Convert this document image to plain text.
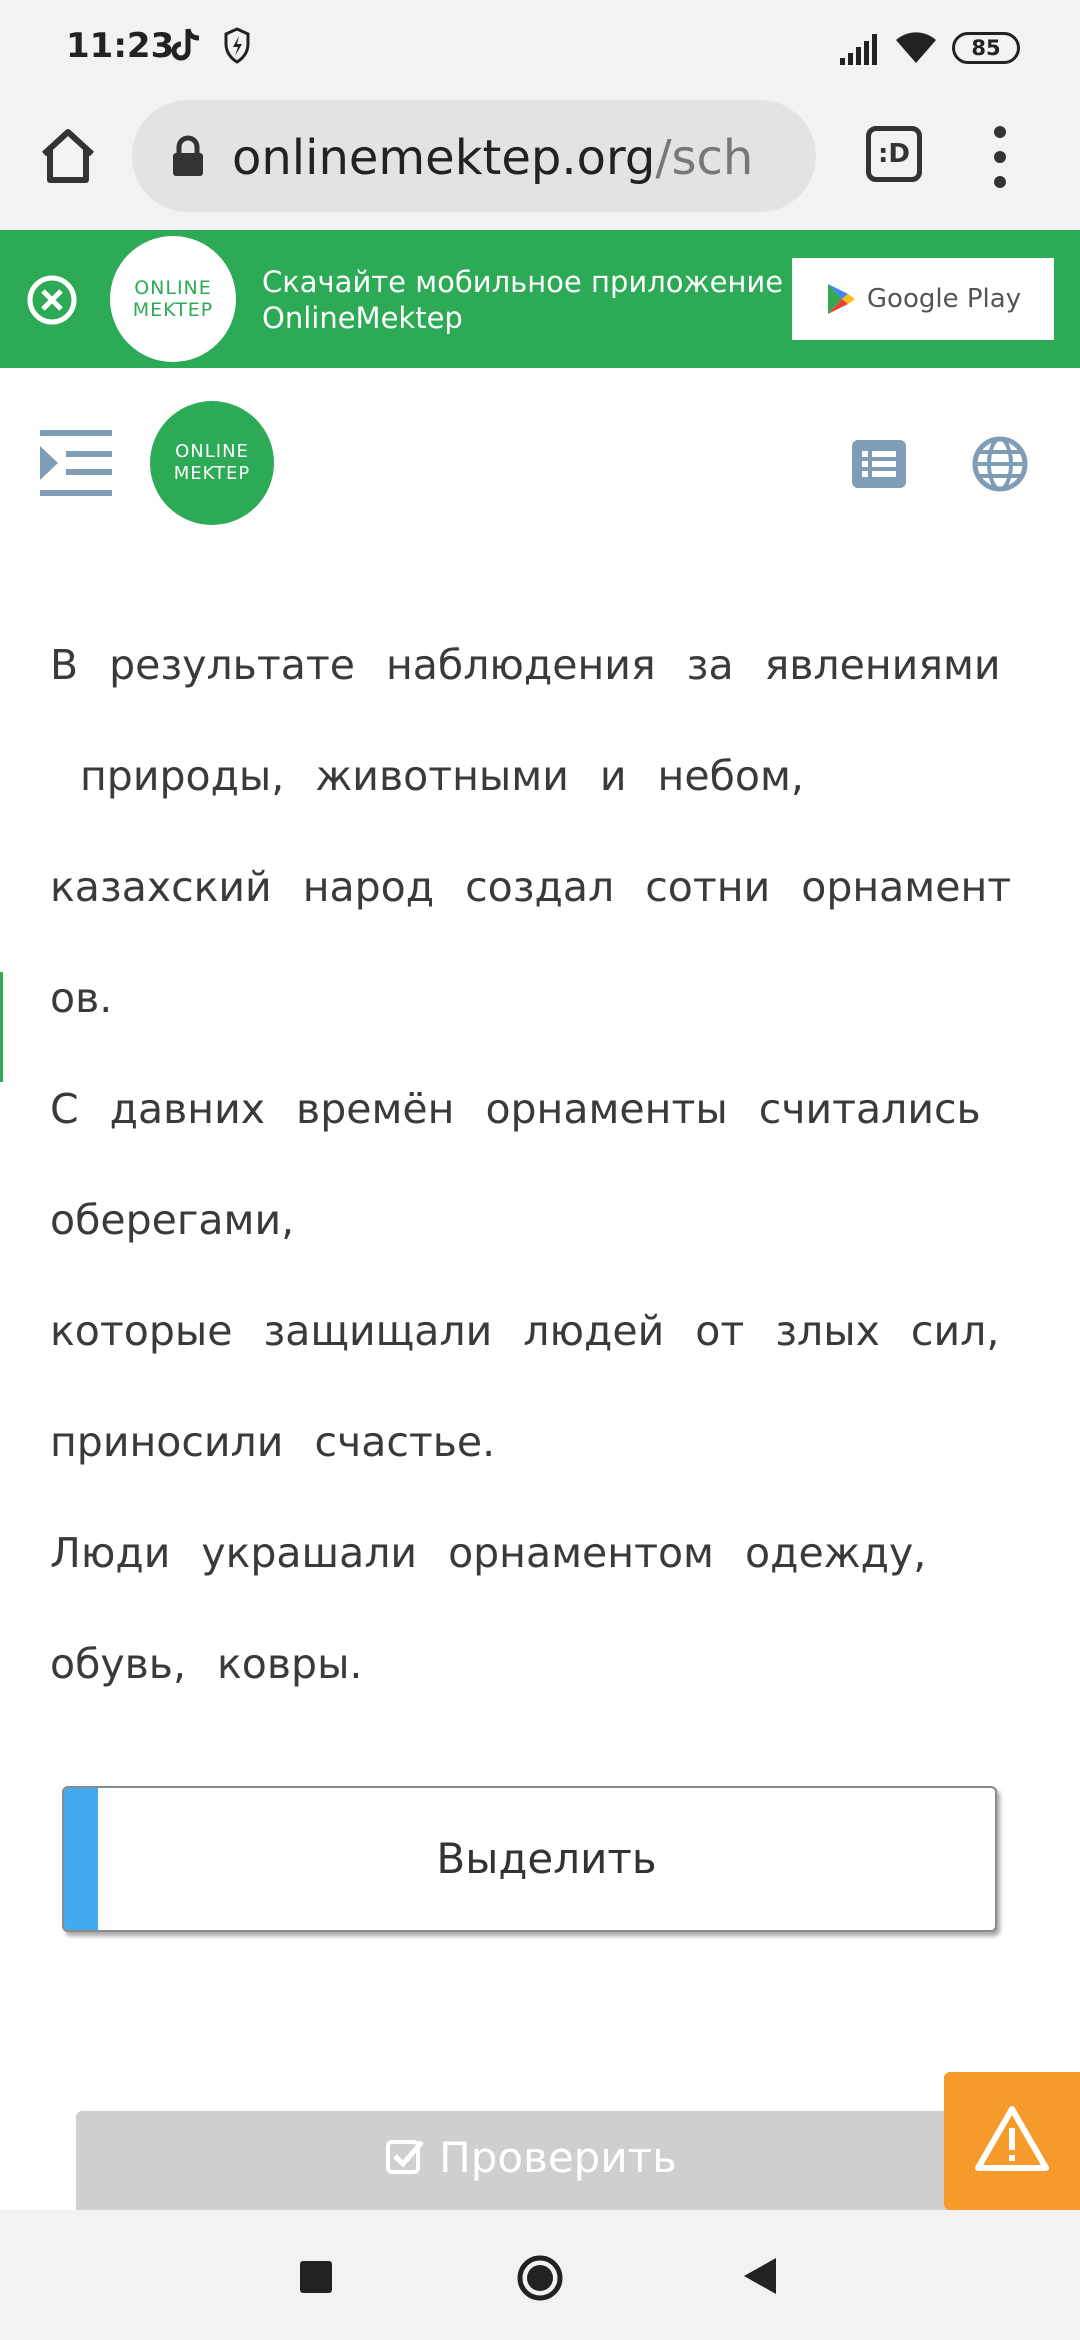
11:23	85
onlinemektep.org/sch	:D
ONLINE
MEKTEP
Скачайте мобильное приложение
OnlineMektep
Google Play
ONLINE
MEKTEP
В результате наблюдения за явлениями
природы, животными и небом,
казахский народ создал сотни орнамент
ов.
С давних времён орнаменты считались
оберегами,
которые защищали людей от злых сил,
приносили счастье.
Люди украшали орнаментом одежду,
обувь, ковры.
Выделить
Проверить
